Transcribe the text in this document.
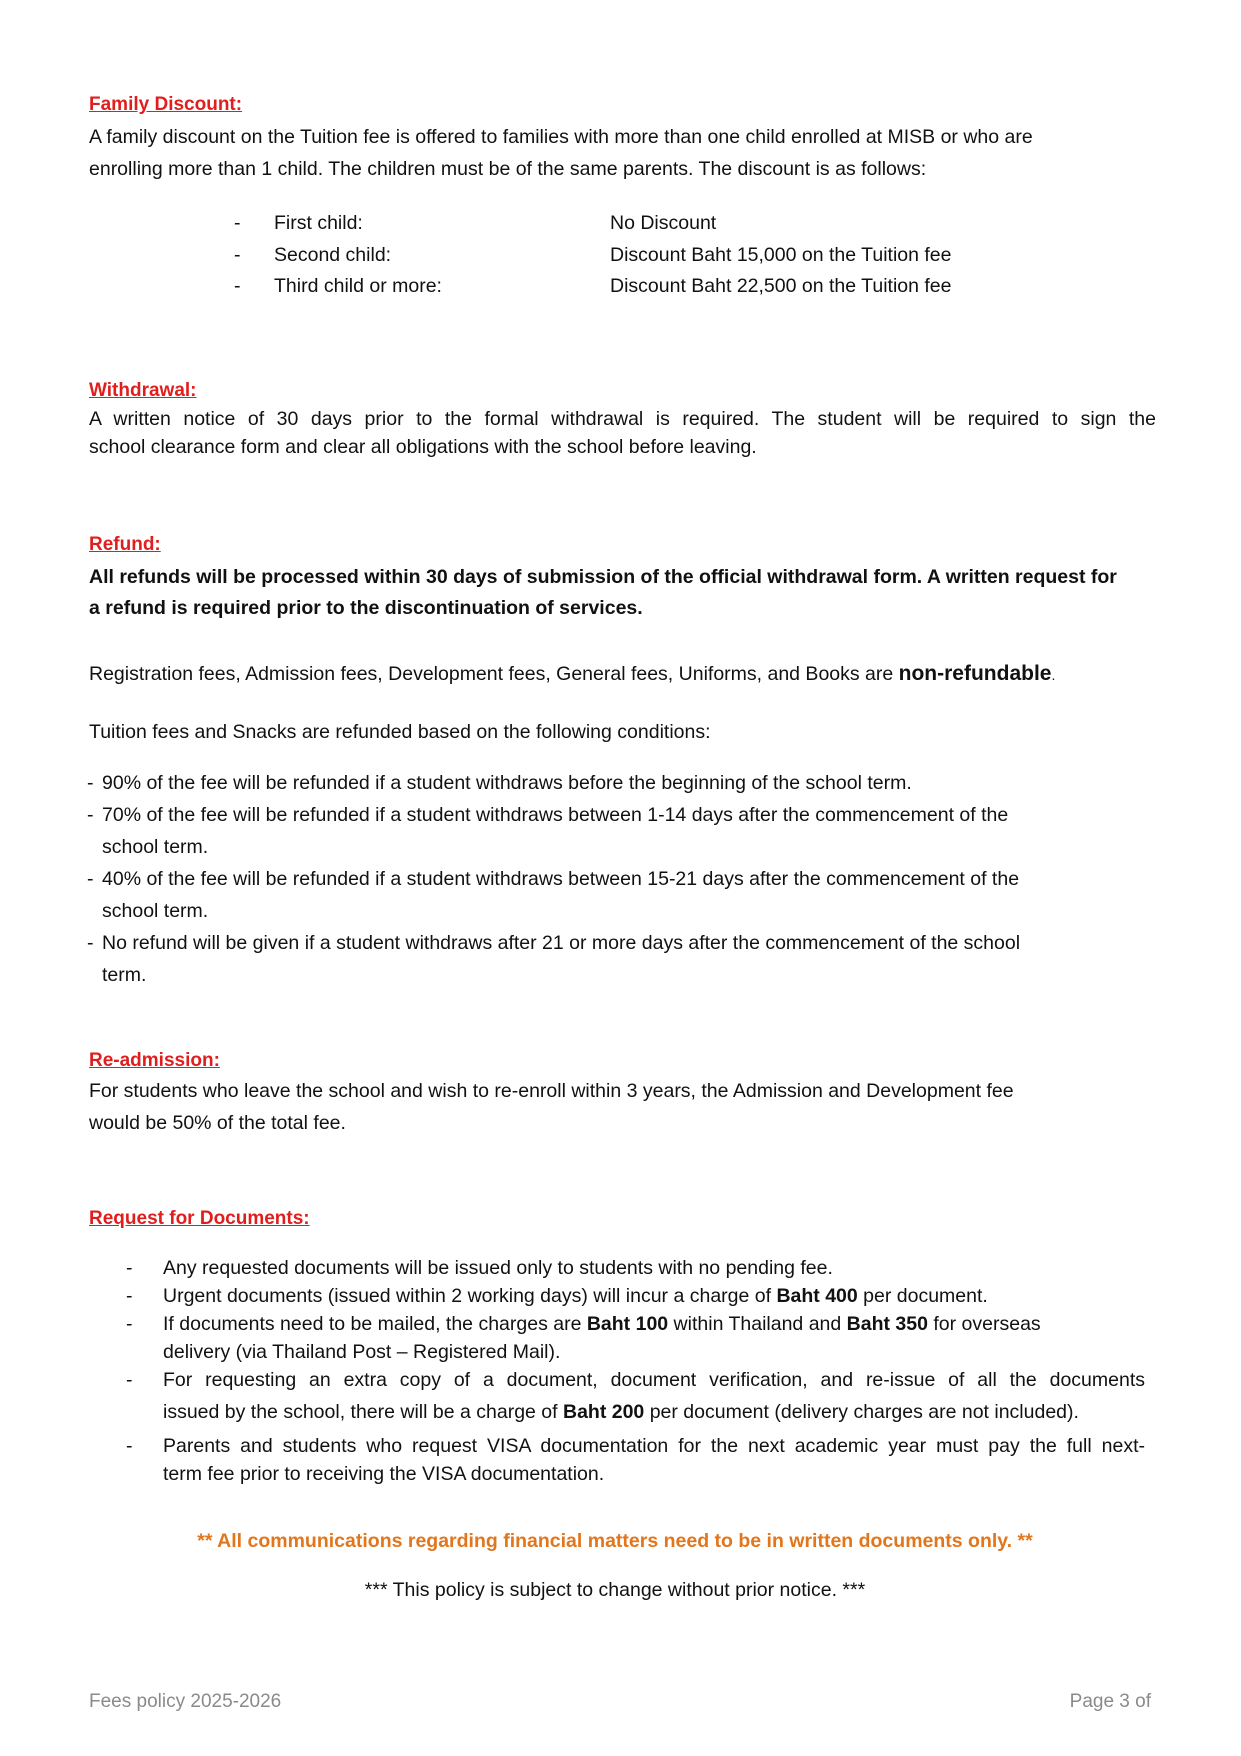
Family Discount:
A family discount on the Tuition fee is offered to families with more than one child enrolled at MISB or who are
enrolling more than 1 child. The children must be of the same parents. The discount is as follows:
- First child:	No Discount
- Second child:	Discount Baht 15,000 on the Tuition fee
- Third child or more:	Discount Baht 22,500 on the Tuition fee
Withdrawal:
A written notice of 30 days prior to the formal withdrawal is required. The student will be required to sign the
school clearance form and clear all obligations with the school before leaving.
Refund:
All refunds will be processed within 30 days of submission of the official withdrawal form. A written request for
a refund is required prior to the discontinuation of services.
Registration fees, Admission fees, Development fees, General fees, Uniforms, and Books are non-refundable.
Tuition fees and Snacks are refunded based on the following conditions:
- 90% of the fee will be refunded if a student withdraws before the beginning of the school term.
- 70% of the fee will be refunded if a student withdraws between 1-14 days after the commencement of the
school term.
- 40% of the fee will be refunded if a student withdraws between 15-21 days after the commencement of the
school term.
- No refund will be given if a student withdraws after 21 or more days after the commencement of the school
term.
Re-admission:
For students who leave the school and wish to re-enroll within 3 years, the Admission and Development fee
would be 50% of the total fee.
Request for Documents:
- Any requested documents will be issued only to students with no pending fee.
- Urgent documents (issued within 2 working days) will incur a charge of Baht 400 per document.
- If documents need to be mailed, the charges are Baht 100 within Thailand and Baht 350 for overseas
delivery (via Thailand Post – Registered Mail).
- For requesting an extra copy of a document, document verification, and re-issue of all the documents
issued by the school, there will be a charge of Baht 200 per document (delivery charges are not included).
- Parents and students who request VISA documentation for the next academic year must pay the full next-
term fee prior to receiving the VISA documentation.
** All communications regarding financial matters need to be in written documents only. **
*** This policy is subject to change without prior notice. ***
Fees policy 2025-2026	Page 3 of
